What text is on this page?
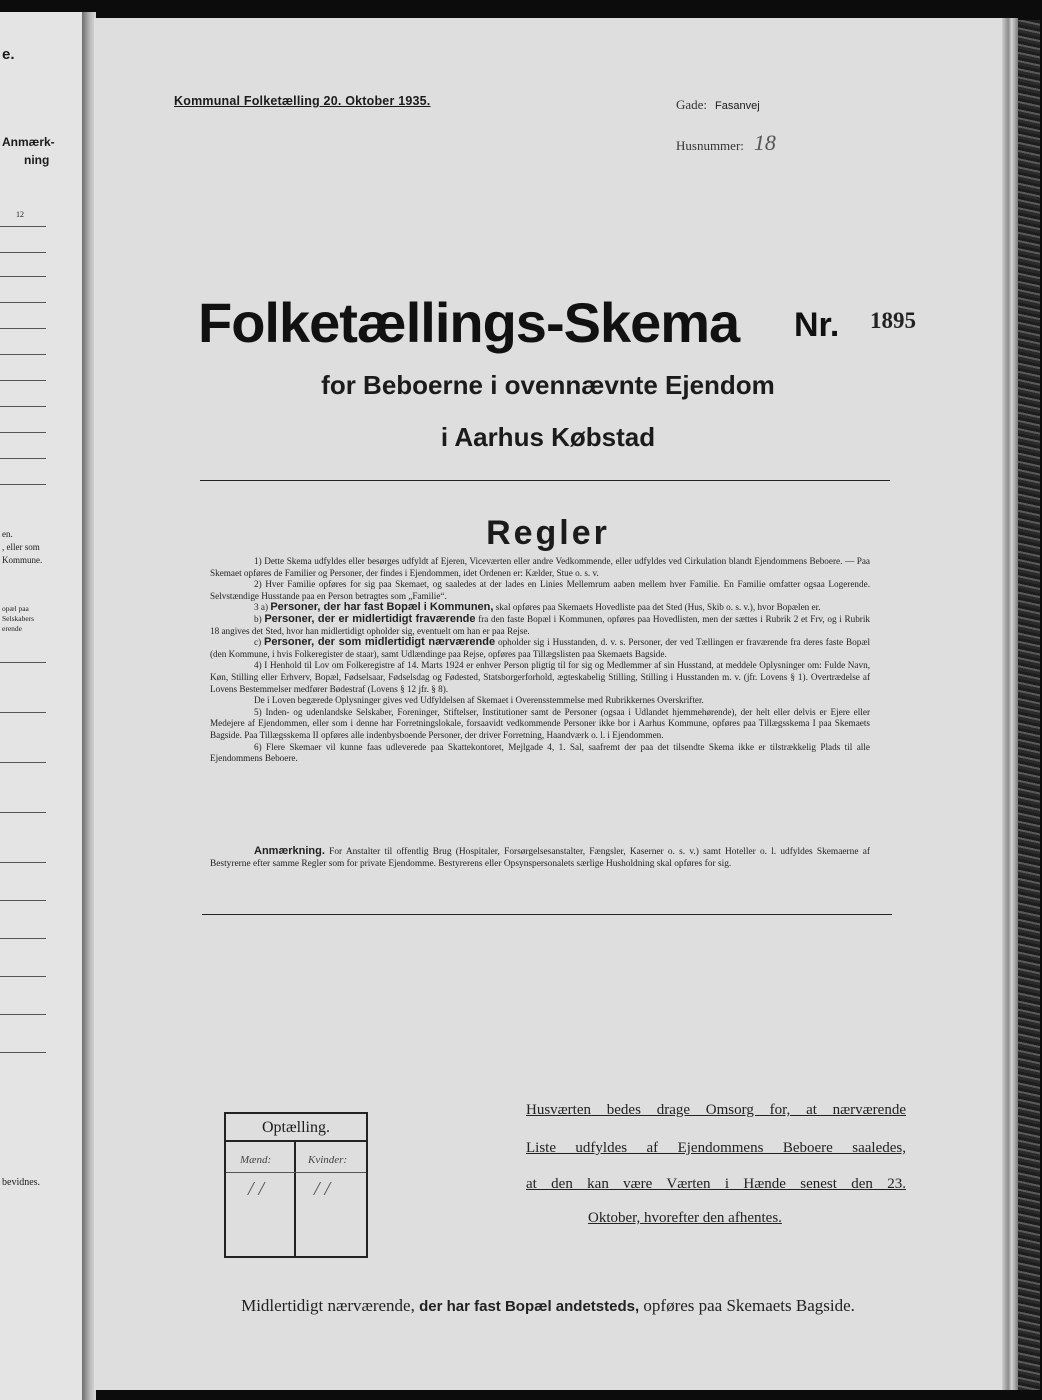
e.
Anmærk-
ning
12
en.
, eller som
Kommune.
opæl paa
Selskabers
erende
bevidnes.
Kommunal Folketælling 20. Oktober 1935.	Gade: Fasanvej
Husnummer: 18
Folketællings-Skema Nr. 1895
for Beboerne i ovennævnte Ejendom
i Aarhus Købstad
Regler

1) Dette Skema udfyldes eller besørges udfyldt af Ejeren, Viceværten eller andre Vedkommende, eller udfyldes ved Cirkulation blandt Ejendommens Beboere. — Paa Skemaet opføres de Familier og Personer, der findes i Ejendommen, idet Ordenen er: Kælder, Stue o. s. v.

2) Hver Familie opføres for sig paa Skemaet, og saaledes at der lades en Linies Mellemrum aaben mellem hver Familie. En Familie omfatter ogsaa Logerende. Selvstændige Husstande paa en Person betragtes som „Familie“.

3 a) Personer, der har fast Bopæl i Kommunen, skal opføres paa Skemaets Hovedliste paa det Sted (Hus, Skib o. s. v.), hvor Bopælen er.

b) Personer, der er midlertidigt fraværende fra den faste Bopæl i Kommunen, opføres paa Hovedlisten, men der sættes i Rubrik 2 et Frv, og i Rubrik 18 angives det Sted, hvor han midlertidigt opholder sig, eventuelt om han er paa Rejse.

c) Personer, der som midlertidigt nærværende opholder sig i Husstanden, d. v. s. Personer, der ved Tællingen er fraværende fra deres faste Bopæl (den Kommune, i hvis Folkeregister de staar), samt Udlændinge paa Rejse, opføres paa Tillægslisten paa Skemaets Bagside.

4) I Henhold til Lov om Folkeregistre af 14. Marts 1924 er enhver Person pligtig til for sig og Medlemmer af sin Husstand, at meddele Oplysninger om: Fulde Navn, Køn, Stilling eller Erhverv, Bopæl, Fødselsaar, Fødselsdag og Fødested, Statsborgerforhold, ægteskabelig Stilling, Stilling i Husstanden m. v. (jfr. Lovens § 1). Overtrædelse af Lovens Bestemmelser medfører Bødestraf (Lovens § 12 jfr. § 8).

De i Loven begærede Oplysninger gives ved Udfyldelsen af Skemaet i Overensstemmelse med Rubrikkernes Overskrifter.

5) Inden- og udenlandske Selskaber, Foreninger, Stiftelser, Institutioner samt de Personer (ogsaa i Udlandet hjemmehørende), der helt eller delvis er Ejere eller Medejere af Ejendommen, eller som i denne har Forretningslokale, forsaavidt vedkommende Personer ikke bor i Aarhus Kommune, opføres paa Tillægsskema I paa Skemaets Bagside. Paa Tillægsskema II opføres alle indenbysboende Personer, der driver Forretning, Haandværk o. l. i Ejendommen.

6) Flere Skemaer vil kunne faas udleverede paa Skattekontoret, Mejlgade 4, 1. Sal, saafremt der paa det tilsendte Skema ikke er tilstrækkelig Plads til alle Ejendommens Beboere.

Anmærkning. For Anstalter til offentlig Brug (Hospitaler, Forsørgelsesanstalter, Fængsler, Kaserner o. s. v.) samt Hoteller o. l. udfyldes Skemaerne af Bestyrerne efter samme Regler som for private Ejendomme. Bestyrerens eller Opsynspersonalets særlige Husholdning skal opføres for sig.

Optælling.
Mænd:	Kvinder:
/ / / /
Husværten bedes drage Omsorg for, at nærværende
Liste udfyldes af Ejendommens Beboere saaledes,
at den kan være Værten i Hænde senest den 23.
Oktober, hvorefter den afhentes.
Midlertidigt nærværende, der har fast Bopæl andetsteds, opføres paa Skemaets Bagside.
